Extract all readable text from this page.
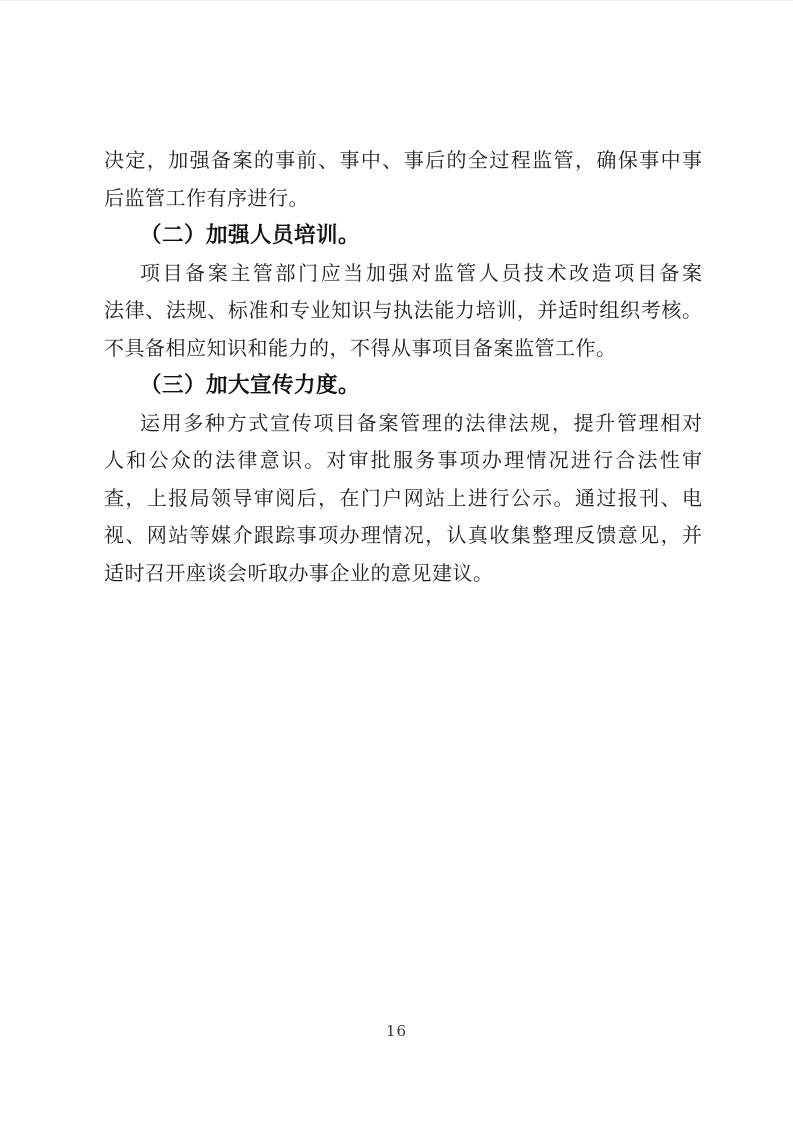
决定，加强备案的事前、事中、事后的全过程监管，确保事中事
后监管工作有序进行。
（二）加强人员培训。
项目备案主管部门应当加强对监管人员技术改造项目备案
法律、法规、标准和专业知识与执法能力培训，并适时组织考核。
不具备相应知识和能力的，不得从事项目备案监管工作。
（三）加大宣传力度。
运用多种方式宣传项目备案管理的法律法规，提升管理相对
人和公众的法律意识。对审批服务事项办理情况进行合法性审
查，上报局领导审阅后，在门户网站上进行公示。通过报刊、电
视、网站等媒介跟踪事项办理情况，认真收集整理反馈意见，并
适时召开座谈会听取办事企业的意见建议。
16
